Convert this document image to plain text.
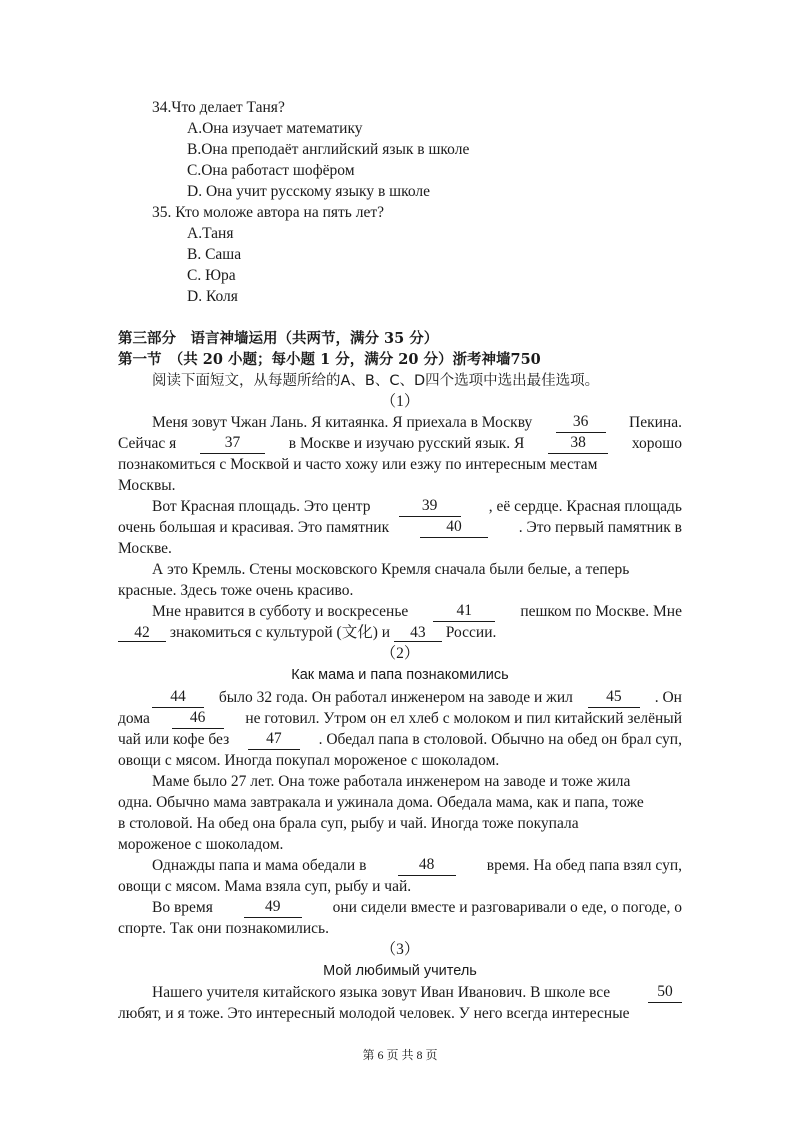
34.Что делает Таня?
A.Она изучает математику
B.Она преподаёт английский язык в школе
C.Она работаст шофёром
D. Она учит русскому языку в школе
35. Кто моложе автора на пять лет?
A.Таня
B. Саша
C. Юра
D. Коля
第三部分　语言神墙运用（共两节，满分 35 分）
第一节　（共 20 小题；每小题 1 分，满分 20 分）浙考神墙750
阅读下面短文，从每题所给的A、B、C、D四个选项中选出最佳选项。
（1）
Меня зовут Чжан Лань. Я китаянка. Я приехала в Москву	36	Пекина.
Сейчас я	37	в Москве и изучаю русский язык. Я	38	хорошо
познакомиться с Москвой и часто хожу или езжу по интересным местам
Москвы.
Вот Красная площадь. Это центр	39	, её сердце. Красная площадь
очень большая и красивая. Это памятник	40	. Это первый памятник в
Москве.
А это Кремль. Стены московского Кремля сначала были белые, а теперь
красные. Здесь тоже очень красиво.
Мне нравится в субботу и воскресенье	41	пешком по Москве. Мне
42 знакомиться с культурой (文化) и 43 России.
（2）
Как мама и папа познакомились
44	было 32 года. Он работал инженером на заводе и жил	45	. Он
дома	46	не готовил. Утром он ел хлеб с молоком и пил китайский зелёный
чай или кофе без	47	. Обедал папа в столовой. Обычно на обед он брал суп,
овощи с мясом. Иногда покупал мороженое с шоколадом.
Маме было 27 лет. Она тоже работала инженером на заводе и тоже жила
одна. Обычно мама завтракала и ужинала дома. Обедала мама, как и папа, тоже
в столовой. На обед она брала суп, рыбу и чай. Иногда тоже покупала
мороженое с шоколадом.
Однажды папа и мама обедали в	48	время. На обед папа взял суп,
овощи с мясом. Мама взяла суп, рыбу и чай.
Во время	49	они сидели вместе и разговаривали о еде, о погоде, о
спорте. Так они познакомились.
（3）
Мой любимый учитель
Нашего учителя китайского языка зовут Иван Иванович. В школе все	50
любят, и я тоже. Это интересный молодой человек. У него всегда интересные
第 6 页 共 8 页
